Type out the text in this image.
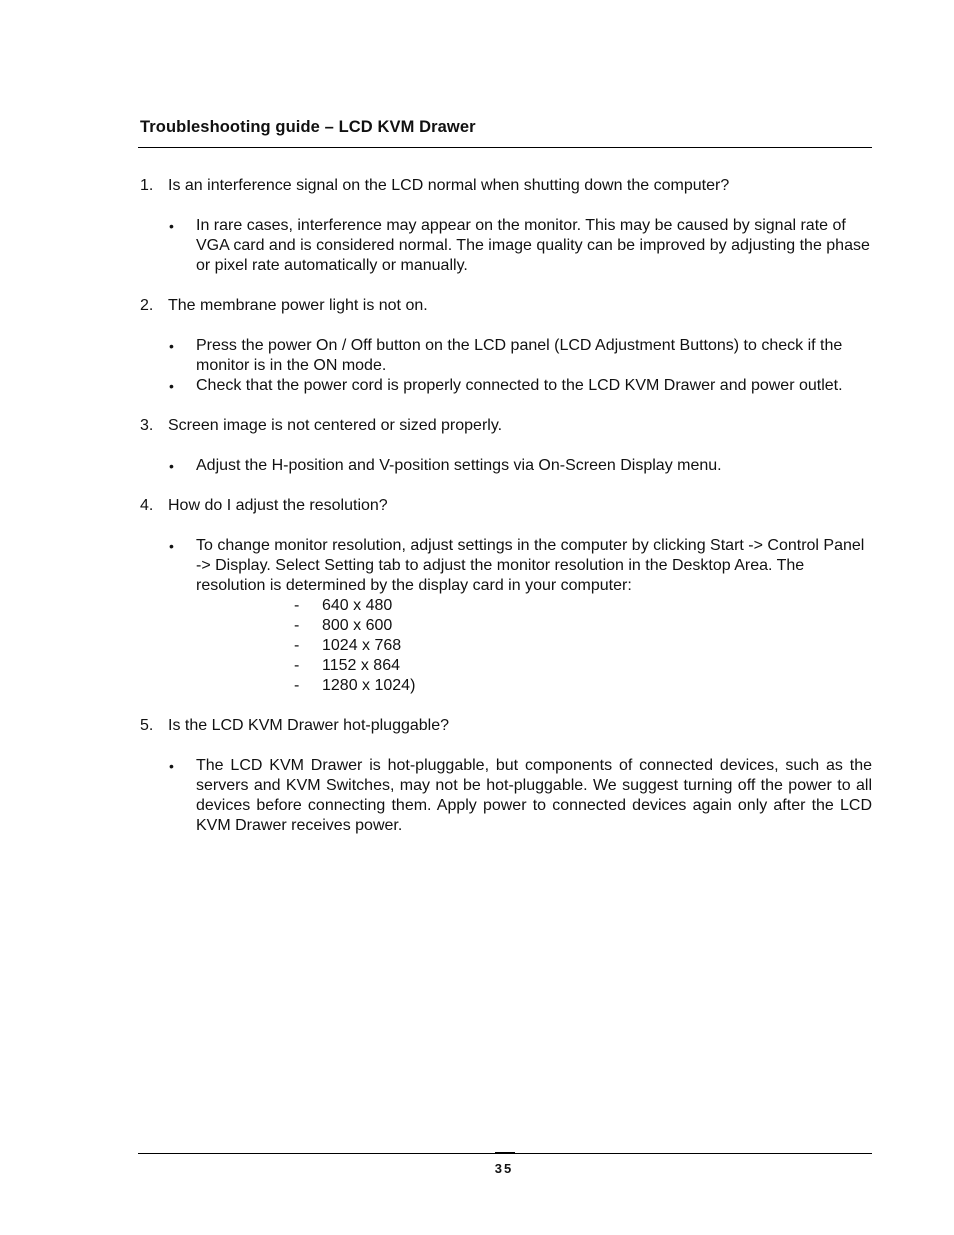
Troubleshooting guide – LCD KVM Drawer
1. Is an interference signal on the LCD normal when shutting down the computer?
• In rare cases, interference may appear on the monitor. This may be caused by signal rate of VGA card and is considered normal. The image quality can be improved by adjusting the phase or pixel rate automatically or manually.
2. The membrane power light is not on.
• Press the power On / Off button on the LCD panel (LCD Adjustment Buttons) to check if the monitor is in the ON mode.
• Check that the power cord is properly connected to the LCD KVM Drawer and power outlet.
3. Screen image is not centered or sized properly.
• Adjust the H-position and V-position settings via On-Screen Display menu.
4. How do I adjust the resolution?
• To change monitor resolution, adjust settings in the computer by clicking Start -> Control Panel -> Display. Select Setting tab to adjust the monitor resolution in the Desktop Area. The resolution is determined by the display card in your computer:
- 640 x 480
- 800 x 600
- 1024 x 768
- 1152 x 864
- 1280 x 1024)
5. Is the LCD KVM Drawer hot-pluggable?
• The LCD KVM Drawer is hot-pluggable, but components of connected devices, such as the servers and KVM Switches, may not be hot-pluggable. We suggest turning off the power to all devices before connecting them. Apply power to connected devices again only after the LCD KVM Drawer receives power.
35
